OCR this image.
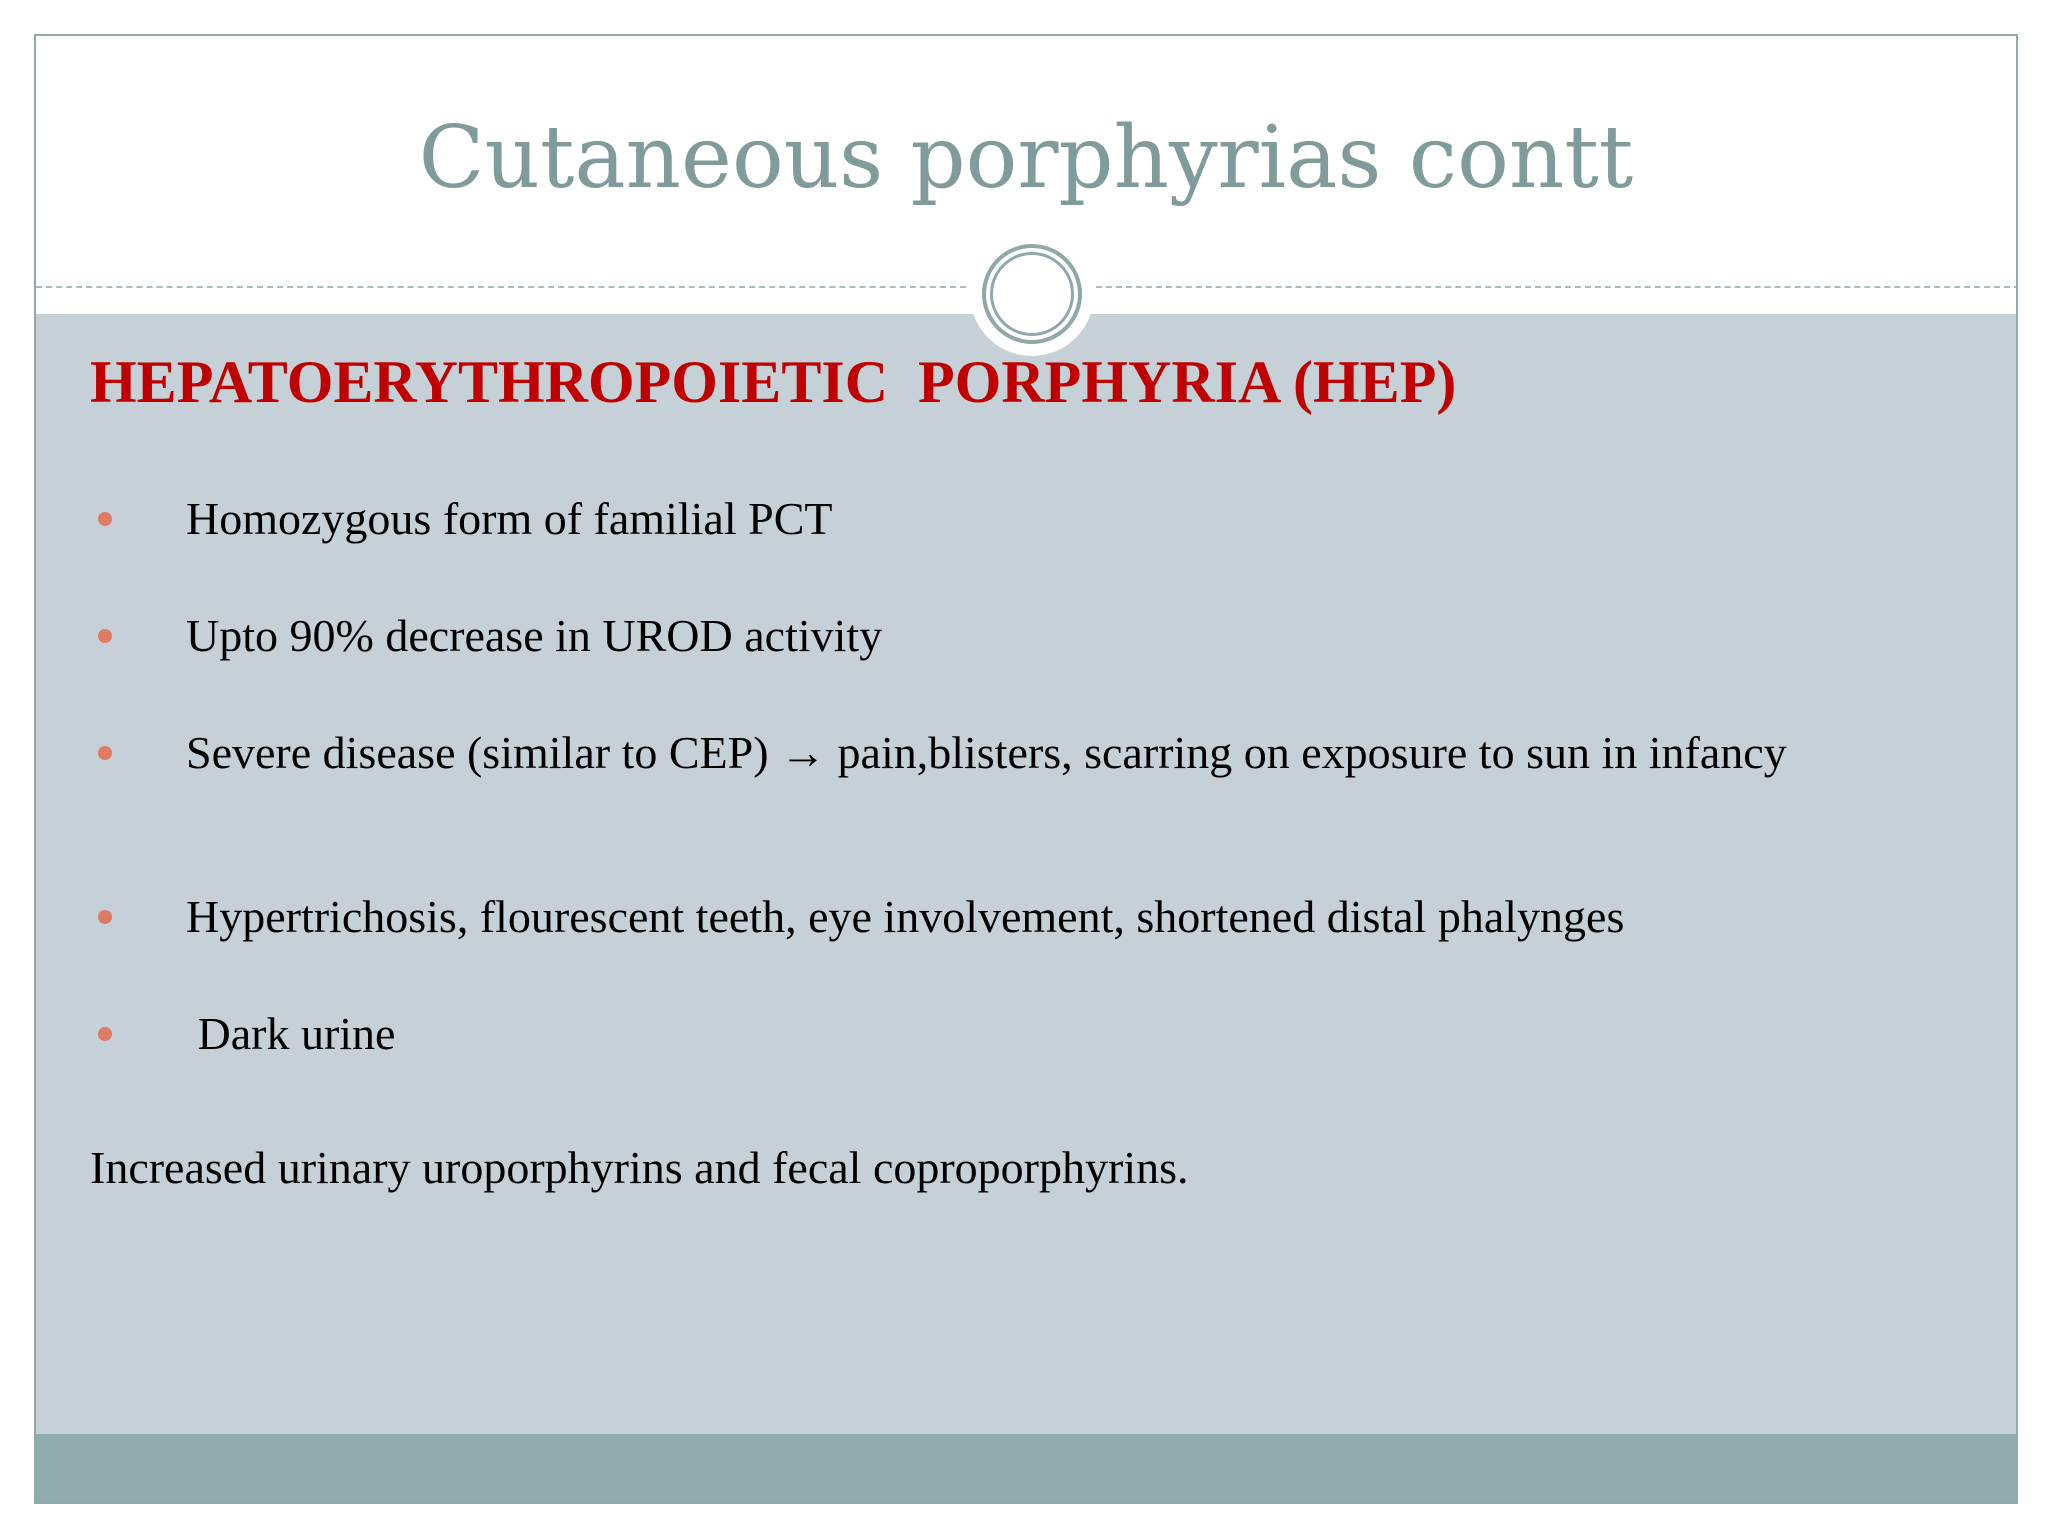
Cutaneous porphyrias contt
HEPATOERYTHROPOIETIC  PORPHYRIA (HEP)
Homozygous form of familial PCT
Upto 90% decrease in UROD activity
Severe disease (similar to CEP) → pain,blisters, scarring on exposure to sun in infancy
Hypertrichosis, flourescent teeth, eye involvement, shortened distal phalynges
Dark urine
Increased urinary uroporphyrins and fecal coproporphyrins.
